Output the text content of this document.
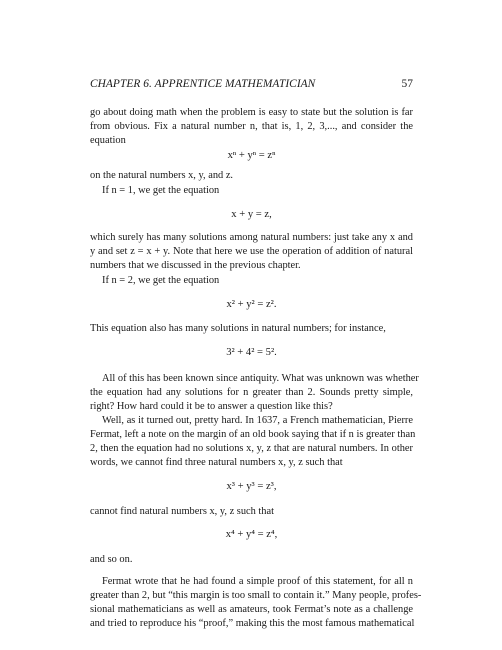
CHAPTER 6. APPRENTICE MATHEMATICIAN	57
go about doing math when the problem is easy to state but the solution is far
from obvious. Fix a natural number n, that is, 1, 2, 3,..., and consider the
equation
xⁿ + yⁿ = zⁿ
on the natural numbers x, y, and z.
If n = 1, we get the equation
x + y = z,
which surely has many solutions among natural numbers: just take any x and
y and set z = x + y. Note that here we use the operation of addition of natural
numbers that we discussed in the previous chapter.
If n = 2, we get the equation
x² + y² = z².
This equation also has many solutions in natural numbers; for instance,
3² + 4² = 5².
All of this has been known since antiquity. What was unknown was whether
the equation had any solutions for n greater than 2. Sounds pretty simple,
right? How hard could it be to answer a question like this?
Well, as it turned out, pretty hard. In 1637, a French mathematician, Pierre
Fermat, left a note on the margin of an old book saying that if n is greater than
2, then the equation had no solutions x, y, z that are natural numbers. In other
words, we cannot find three natural numbers x, y, z such that
x³ + y³ = z³,
cannot find natural numbers x, y, z such that
x⁴ + y⁴ = z⁴,
and so on.
Fermat wrote that he had found a simple proof of this statement, for all n
greater than 2, but “this margin is too small to contain it.” Many people, profes-
sional mathematicians as well as amateurs, took Fermat’s note as a challenge
and tried to reproduce his “proof,” making this the most famous mathematical
